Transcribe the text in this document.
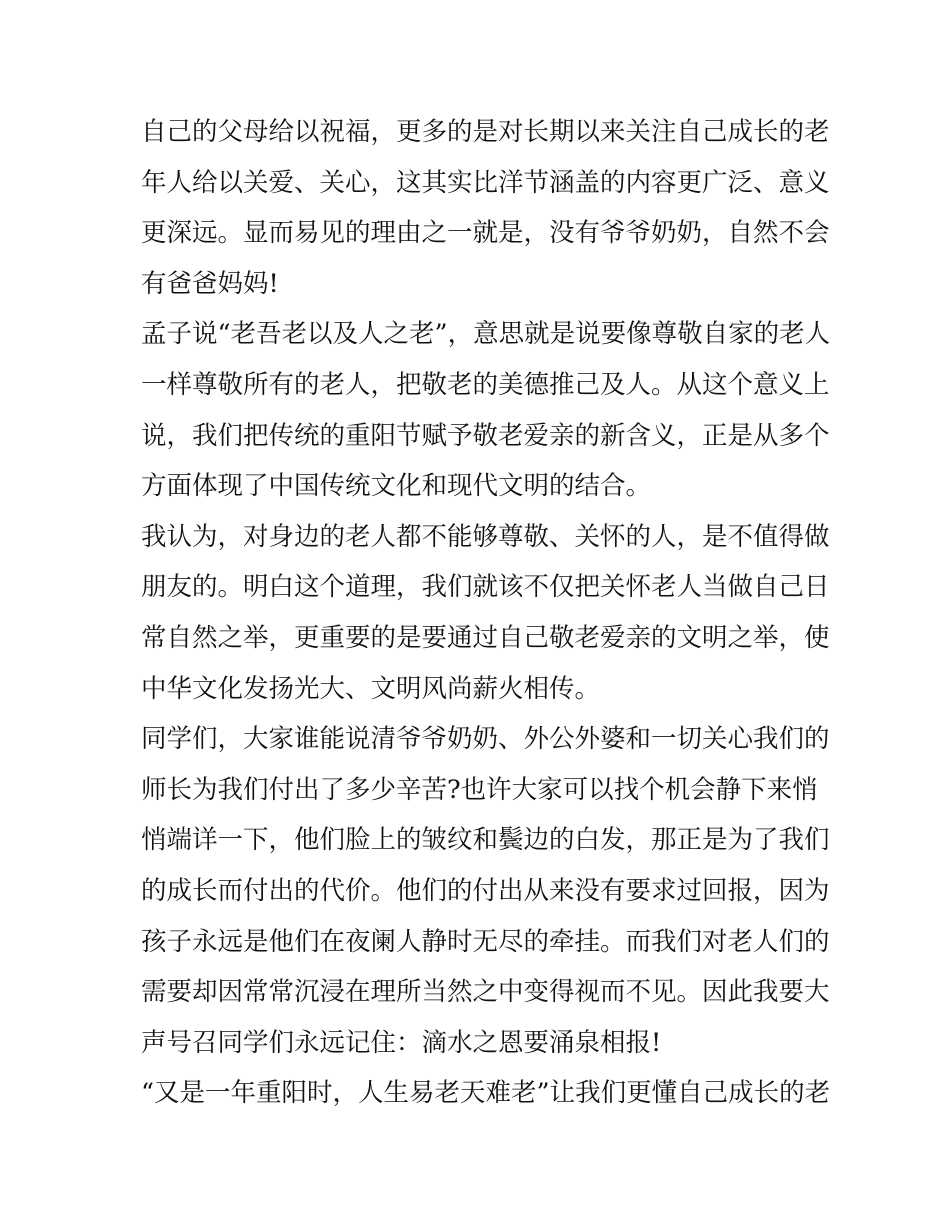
自己的父母给以祝福，更多的是对长期以来关注自己成长的老
年人给以关爱、关心，这其实比洋节涵盖的内容更广泛、意义
更深远。显而易见的理由之一就是，没有爷爷奶奶，自然不会
有爸爸妈妈!
孟子说“老吾老以及人之老”，意思就是说要像尊敬自家的老人
一样尊敬所有的老人，把敬老的美德推己及人。从这个意义上
说，我们把传统的重阳节赋予敬老爱亲的新含义，正是从多个
方面体现了中国传统文化和现代文明的结合。
我认为，对身边的老人都不能够尊敬、关怀的人，是不值得做
朋友的。明白这个道理，我们就该不仅把关怀老人当做自己日
常自然之举，更重要的是要通过自己敬老爱亲的文明之举，使
中华文化发扬光大、文明风尚薪火相传。
同学们，大家谁能说清爷爷奶奶、外公外婆和一切关心我们的
师长为我们付出了多少辛苦?也许大家可以找个机会静下来悄
悄端详一下，他们脸上的皱纹和鬓边的白发，那正是为了我们
的成长而付出的代价。他们的付出从来没有要求过回报，因为
孩子永远是他们在夜阑人静时无尽的牵挂。而我们对老人们的
需要却因常常沉浸在理所当然之中变得视而不见。因此我要大
声号召同学们永远记住：滴水之恩要涌泉相报!
“又是一年重阳时，人生易老天难老”让我们更懂自己成长的老
